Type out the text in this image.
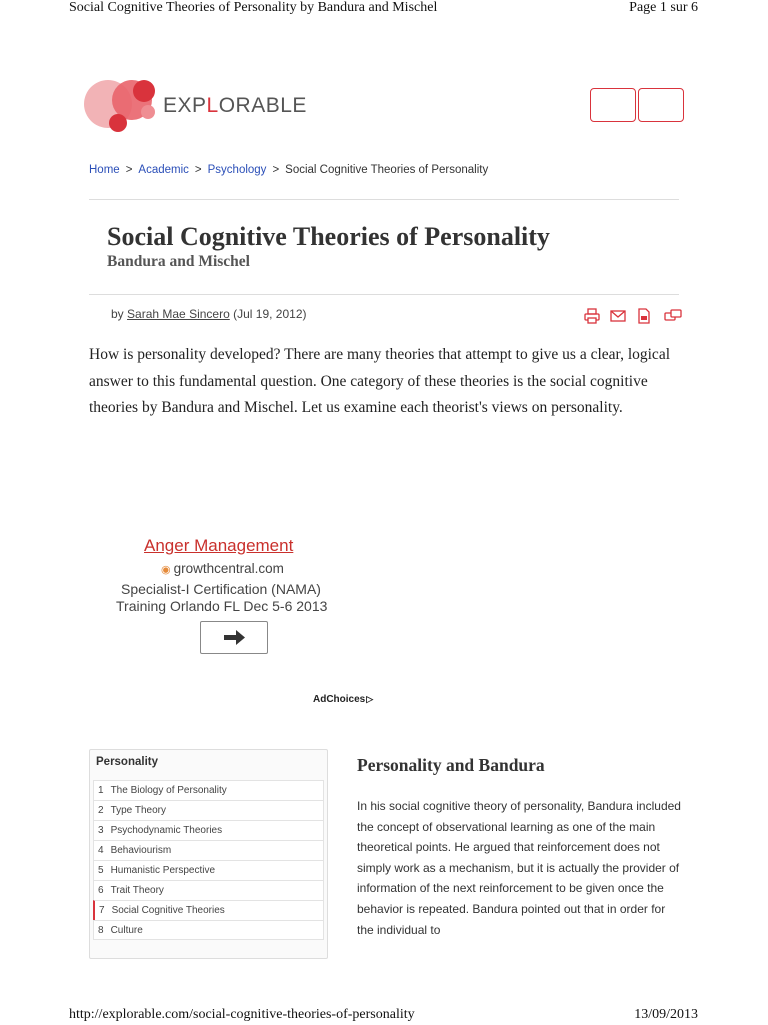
Social Cognitive Theories of Personality by Bandura and Mischel	Page 1 sur 6
EXPLORABLE
Home > Academic > Psychology > Social Cognitive Theories of Personality
Social Cognitive Theories of Personality
Bandura and Mischel
by Sarah Mae Sincero (Jul 19, 2012)

How is personality developed? There are many theories that attempt to give us a clear, logical answer to this fundamental question. One category of these theories is the social cognitive theories by Bandura and Mischel. Let us examine each theorist's views on personality.

Anger Management
◉ growthcentral.com
Specialist-I Certification (NAMA)
Training Orlando FL Dec 5-6 2013
AdChoices▷
Personality
1 The Biology of Personality
2 Type Theory
3 Psychodynamic Theories
4 Behaviourism
5 Humanistic Perspective
6 Trait Theory
7 Social Cognitive Theories
8 Culture
Personality and Bandura

In his social cognitive theory of personality, Bandura included the concept of observational learning as one of the main theoretical points. He argued that reinforcement does not simply work as a mechanism, but it is actually the provider of information of the next reinforcement to be given once the behavior is repeated. Bandura pointed out that in order for the individual to

http://explorable.com/social-cognitive-theories-of-personality	13/09/2013
